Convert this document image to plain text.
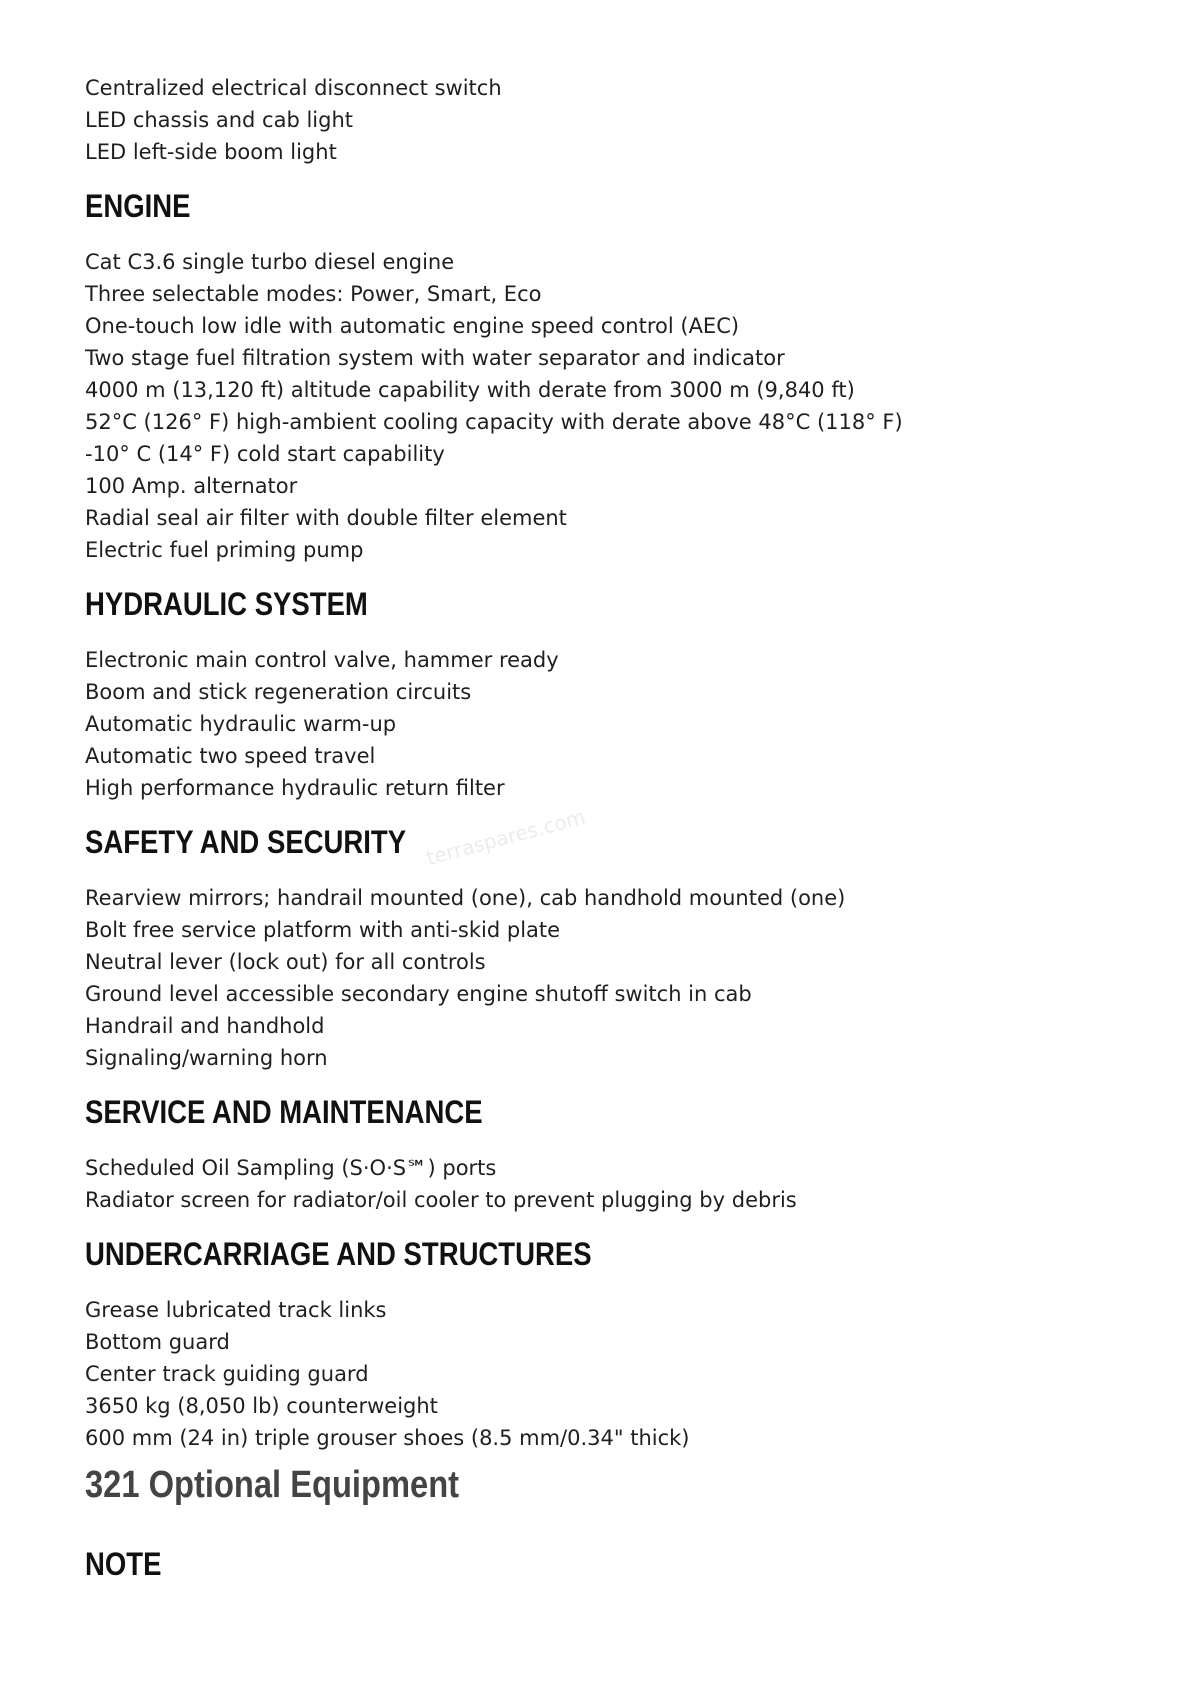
Centralized electrical disconnect switch
LED chassis and cab light
LED left-side boom light
ENGINE
Cat C3.6 single turbo diesel engine
Three selectable modes: Power, Smart, Eco
One-touch low idle with automatic engine speed control (AEC)
Two stage fuel filtration system with water separator and indicator
4000 m (13,120 ft) altitude capability with derate from 3000 m (9,840 ft)
52°C (126° F) high-ambient cooling capacity with derate above 48°C (118° F)
-10° C (14° F) cold start capability
100 Amp. alternator
Radial seal air filter with double filter element
Electric fuel priming pump
HYDRAULIC SYSTEM
Electronic main control valve, hammer ready
Boom and stick regeneration circuits
Automatic hydraulic warm-up
Automatic two speed travel
High performance hydraulic return filter
SAFETY AND SECURITY
Rearview mirrors; handrail mounted (one), cab handhold mounted (one)
Bolt free service platform with anti-skid plate
Neutral lever (lock out) for all controls
Ground level accessible secondary engine shutoff switch in cab
Handrail and handhold
Signaling/warning horn
SERVICE AND MAINTENANCE
Scheduled Oil Sampling (S·O·S℠) ports
Radiator screen for radiator/oil cooler to prevent plugging by debris
UNDERCARRIAGE AND STRUCTURES
Grease lubricated track links
Bottom guard
Center track guiding guard
3650 kg (8,050 lb) counterweight
600 mm (24 in) triple grouser shoes (8.5 mm/0.34" thick)
321 Optional Equipment
NOTE
terraspares.com
